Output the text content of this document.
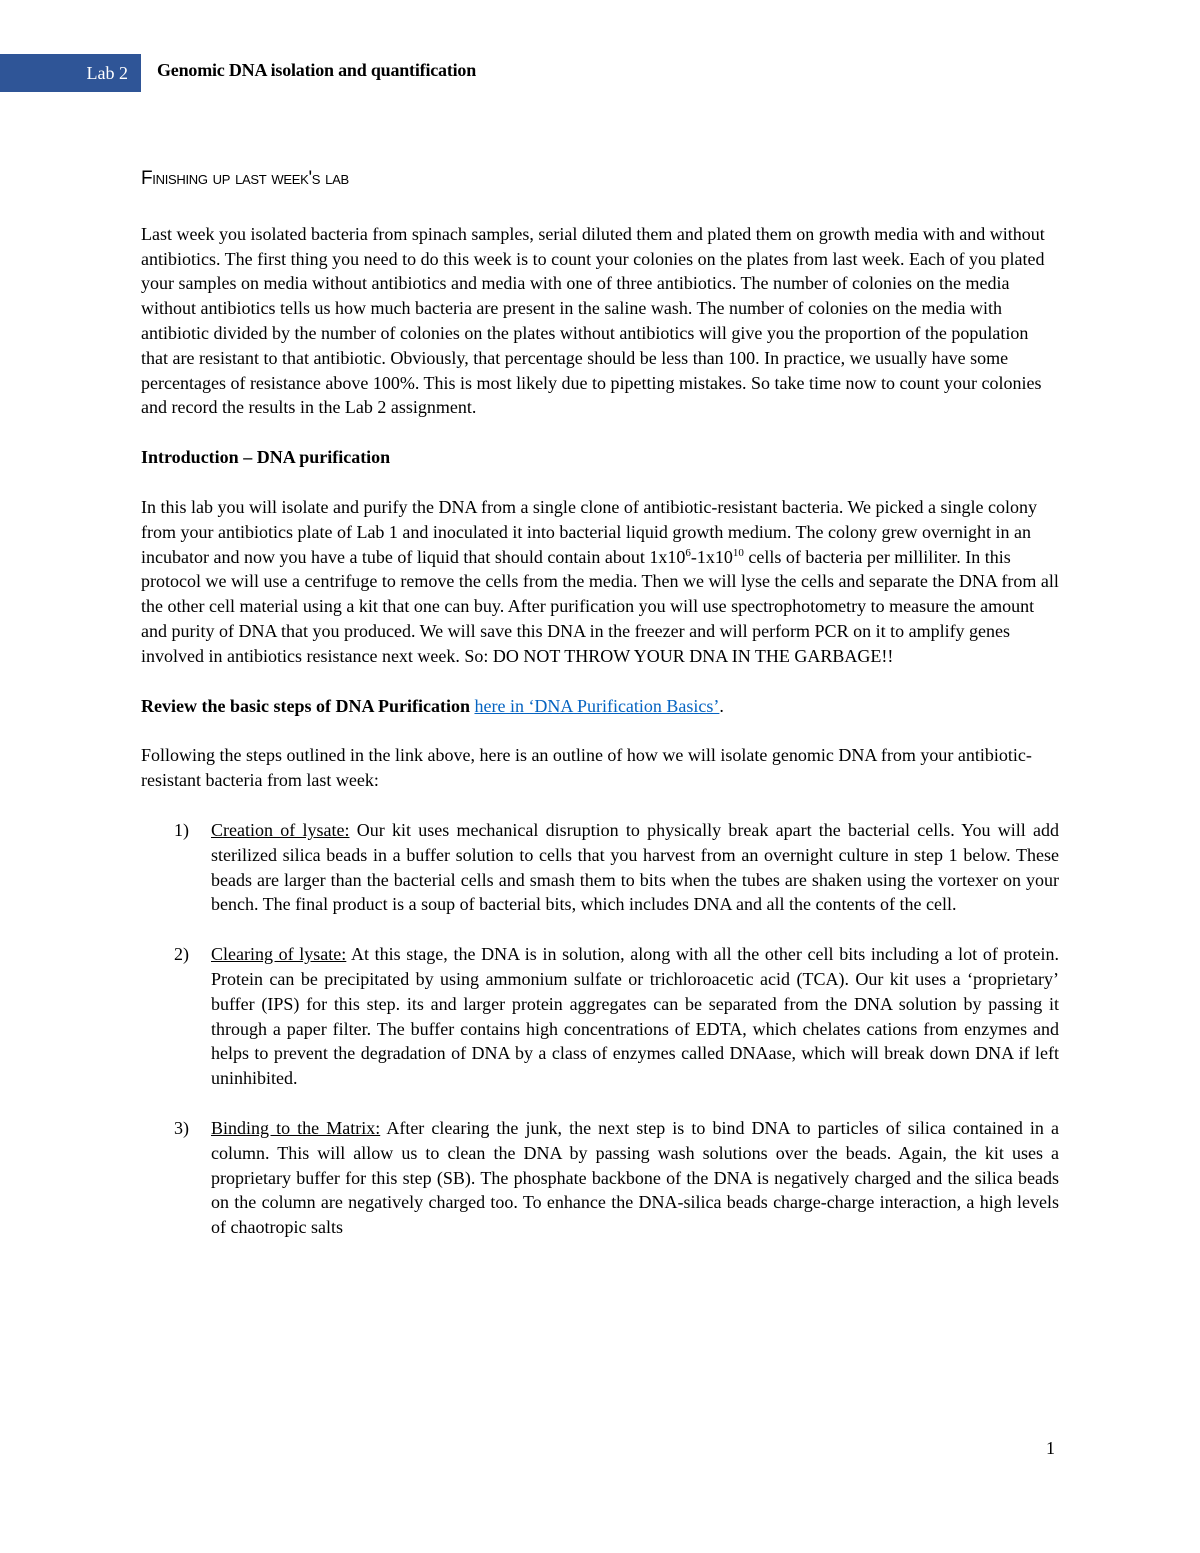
Lab 2 Genomic DNA isolation and quantification
Finishing up last week's lab

Last week you isolated bacteria from spinach samples, serial diluted them and plated them on growth media with and without antibiotics. The first thing you need to do this week is to count your colonies on the plates from last week. Each of you plated your samples on media without antibiotics and media with one of three antibiotics. The number of colonies on the media without antibiotics tells us how much bacteria are present in the saline wash. The number of colonies on the media with antibiotic divided by the number of colonies on the plates without antibiotics will give you the proportion of the population that are resistant to that antibiotic. Obviously, that percentage should be less than 100. In practice, we usually have some percentages of resistance above 100%. This is most likely due to pipetting mistakes. So take time now to count your colonies and record the results in the Lab 2 assignment.

Introduction – DNA purification

In this lab you will isolate and purify the DNA from a single clone of antibiotic-resistant bacteria. We picked a single colony from your antibiotics plate of Lab 1 and inoculated it into bacterial liquid growth medium. The colony grew overnight in an incubator and now you have a tube of liquid that should contain about $1x10^6-1x10^{10}$ cells of bacteria per milliliter. In this protocol we will use a centrifuge to remove the cells from the media. Then we will lyse the cells and separate the DNA from all the other cell material using a kit that one can buy. After purification you will use spectrophotometry to measure the amount and purity of DNA that you produced. We will save this DNA in the freezer and will perform PCR on it to amplify genes involved in antibiotics resistance next week. So: DO NOT THROW YOUR DNA IN THE GARBAGE!!

Review the basic steps of DNA Purification here in ‘DNA Purification Basics’.

Following the steps outlined in the link above, here is an outline of how we will isolate genomic DNA from your antibiotic-resistant bacteria from last week:

1) Creation of lysate: Our kit uses mechanical disruption to physically break apart the bacterial cells. You will add sterilized silica beads in a buffer solution to cells that you harvest from an overnight culture in step 1 below. These beads are larger than the bacterial cells and smash them to bits when the tubes are shaken using the vortexer on your bench. The final product is a soup of bacterial bits, which includes DNA and all the contents of the cell.
2) Clearing of lysate: At this stage, the DNA is in solution, along with all the other cell bits including a lot of protein. Protein can be precipitated by using ammonium sulfate or trichloroacetic acid (TCA). Our kit uses a ‘proprietary’ buffer (IPS) for this step. its and larger protein aggregates can be separated from the DNA solution by passing it through a paper filter. The buffer contains high concentrations of EDTA, which chelates cations from enzymes and helps to prevent the degradation of DNA by a class of enzymes called DNAase, which will break down DNA if left uninhibited.
3) Binding to the Matrix: After clearing the junk, the next step is to bind DNA to particles of silica contained in a column. This will allow us to clean the DNA by passing wash solutions over the beads. Again, the kit uses a proprietary buffer for this step (SB). The phosphate backbone of the DNA is negatively charged and the silica beads on the column are negatively charged too. To enhance the DNA-silica beads charge-charge interaction, a high levels of chaotropic salts
1
